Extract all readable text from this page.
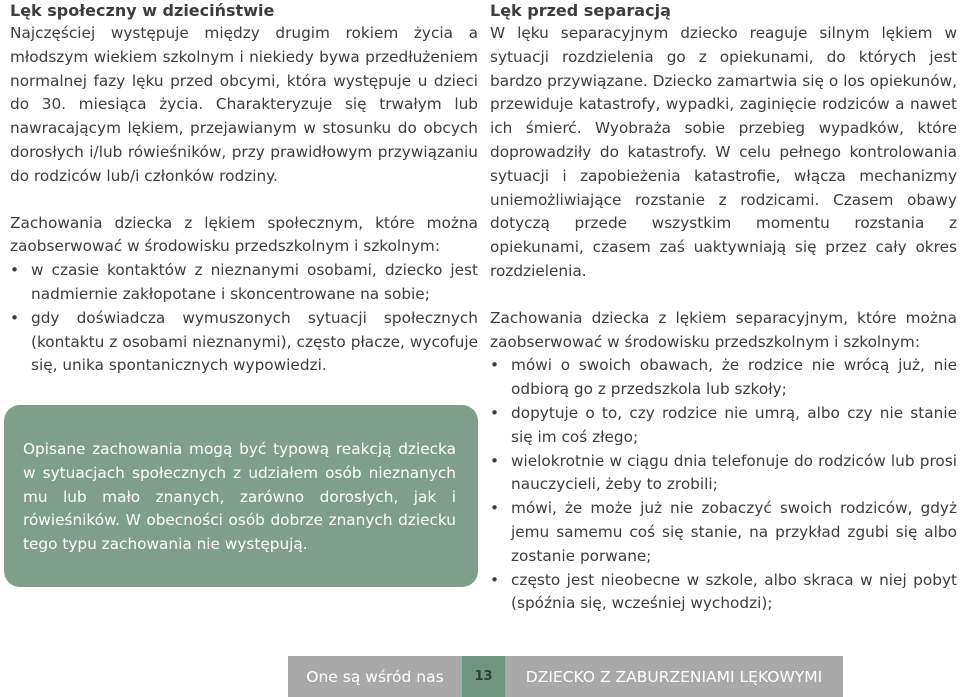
Lęk społeczny w dzieciństwie

Najczęściej występuje między drugim rokiem życia a młodszym wiekiem szkolnym i niekiedy bywa przedłużeniem normalnej fazy lęku przed obcymi, która występuje u dzieci do 30. miesiąca życia. Charakteryzuje się trwałym lub nawracającym lękiem, przejawianym w stosunku do obcych dorosłych i/lub rówieśników, przy prawidłowym przywiązaniu do rodziców lub/i członków rodziny.

Zachowania dziecka z lękiem społecznym, które można zaobserwować w środowisku przedszkolnym i szkolnym:

• w czasie kontaktów z nieznanymi osobami, dziecko jest nadmiernie zakłopotane i skoncentrowane na sobie;
• gdy doświadcza wymuszonych sytuacji społecznych (kontaktu z osobami nieznanymi), często płacze, wycofuje się, unika spontanicznych wypowiedzi.

Opisane zachowania mogą być typową reakcją dziecka w sytuacjach społecznych z udziałem osób nieznanych mu lub mało znanych, zarówno dorosłych, jak i rówieśników. W obecności osób dobrze znanych dziecku tego typu zachowania nie występują.

Lęk przed separacją

W lęku separacyjnym dziecko reaguje silnym lękiem w sytuacji rozdzielenia go z opiekunami, do których jest bardzo przywiązane. Dziecko zamartwia się o los opiekunów, przewiduje katastrofy, wypadki, zaginięcie rodziców a nawet ich śmierć. Wyobraża sobie przebieg wypadków, które doprowadziły do katastrofy. W celu pełnego kontrolowania sytuacji i zapobieżenia katastrofie, włącza mechanizmy uniemożliwiające rozstanie z rodzicami. Czasem obawy dotyczą przede wszystkim momentu rozstania z opiekunami, czasem zaś uaktywniają się przez cały okres rozdzielenia.

Zachowania dziecka z lękiem separacyjnym, które można zaobserwować w środowisku przedszkolnym i szkolnym:

• mówi o swoich obawach, że rodzice nie wrócą już, nie odbiorą go z przedszkola lub szkoły;
• dopytuje o to, czy rodzice nie umrą, albo czy nie stanie się im coś złego;
• wielokrotnie w ciągu dnia telefonuje do rodziców lub prosi nauczycieli, żeby to zrobili;
• mówi, że może już nie zobaczyć swoich rodziców, gdyż jemu samemu coś się stanie, na przykład zgubi się albo zostanie porwane;
• często jest nieobecne w szkole, albo skraca w niej pobyt (spóźnia się, wcześniej wychodzi);
One są wśród nas	13	DZIECKO Z ZABURZENIAMI LĘKOWYMI
